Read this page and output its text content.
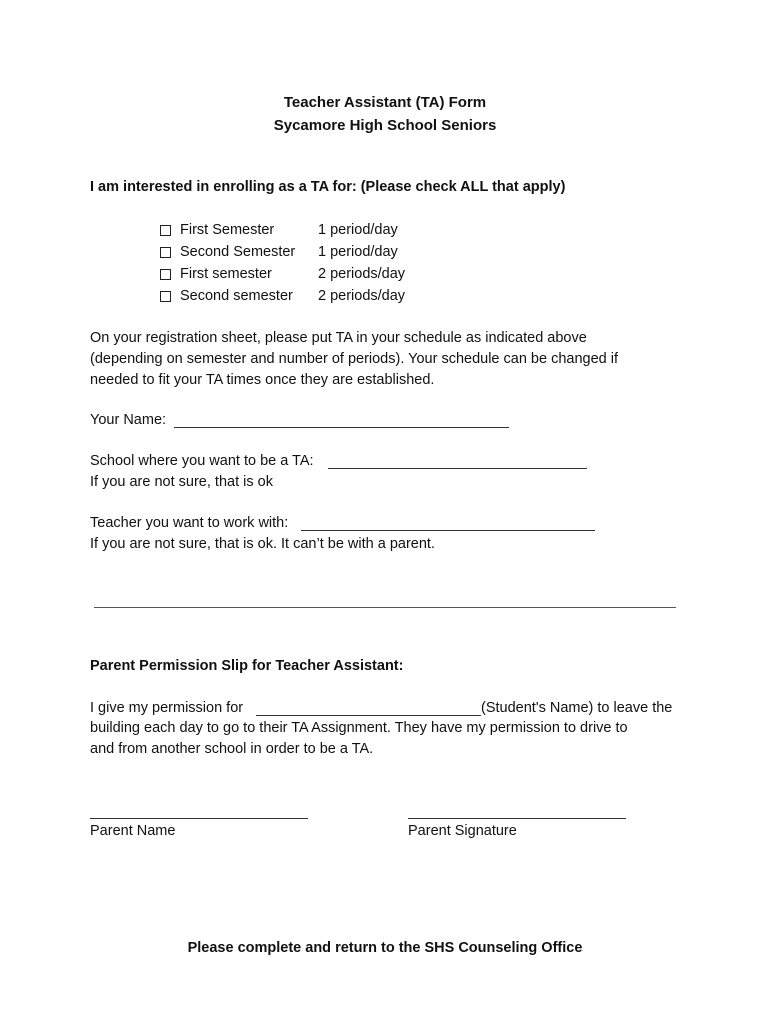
Teacher Assistant (TA) Form
Sycamore High School Seniors
I am interested in enrolling as a TA for: (Please check ALL that apply)
First Semester	1 period/day
Second Semester	1 period/day
First semester	2 periods/day
Second semester	2 periods/day
On your registration sheet, please put TA in your schedule as indicated above
(depending on semester and number of periods). Your schedule can be changed if
needed to fit your TA times once they are established.
Your Name:
School where you want to be a TA:
If you are not sure, that is ok
Teacher you want to work with:
If you are not sure, that is ok. It can’t be with a parent.
Parent Permission Slip for Teacher Assistant:
I give my permission for	(Student's Name) to leave the
building each day to go to their TA Assignment. They have my permission to drive to
and from another school in order to be a TA.
Parent Name	Parent Signature
Please complete and return to the SHS Counseling Office
